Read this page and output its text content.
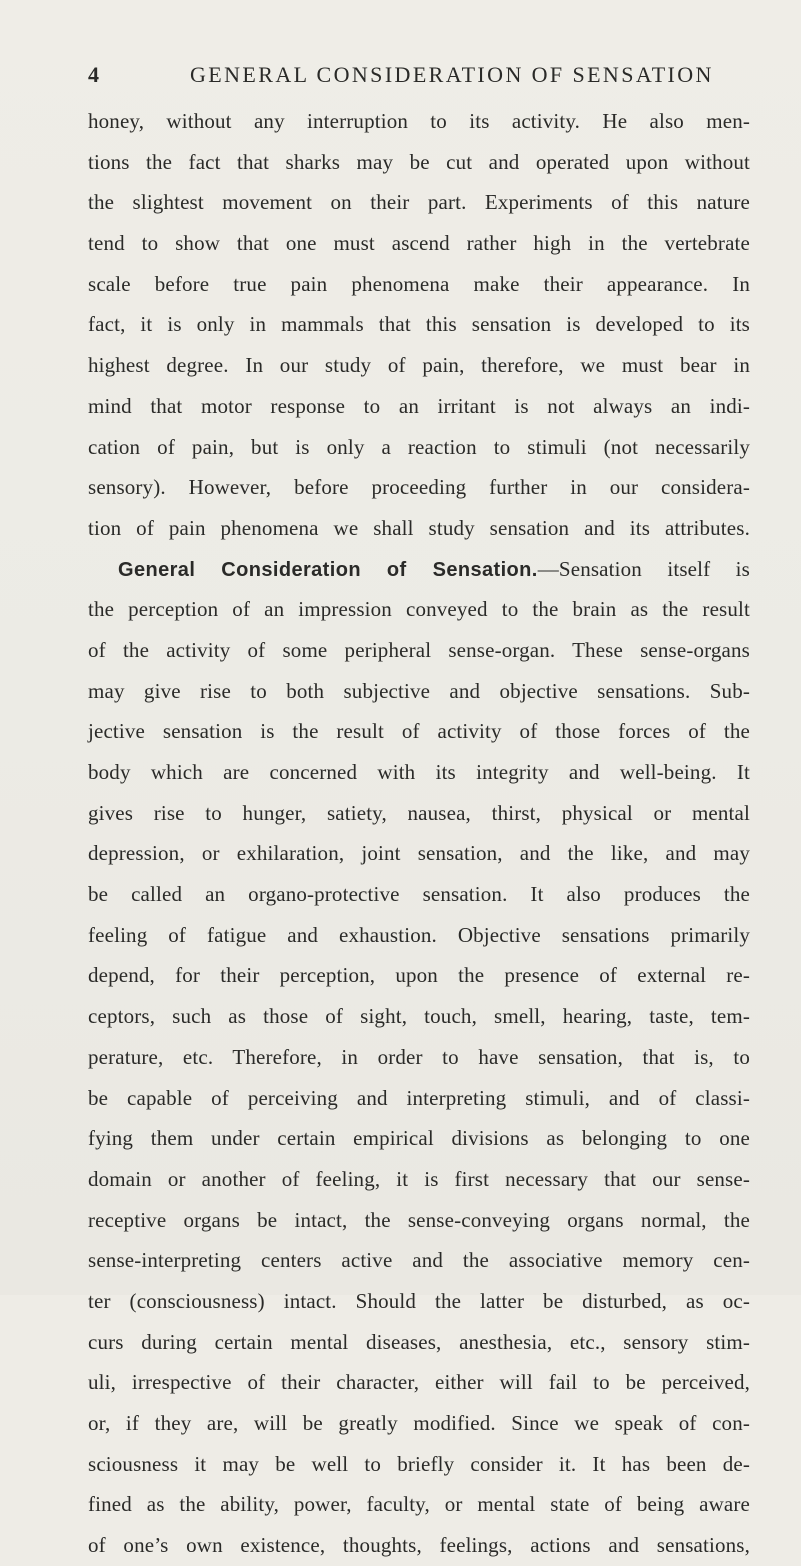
4	GENERAL CONSIDERATION OF SENSATION
honey, without any interruption to its activity. He also men-
tions the fact that sharks may be cut and operated upon without
the slightest movement on their part. Experiments of this nature
tend to show that one must ascend rather high in the vertebrate
scale before true pain phenomena make their appearance. In
fact, it is only in mammals that this sensation is developed to its
highest degree. In our study of pain, therefore, we must bear in
mind that motor response to an irritant is not always an indi-
cation of pain, but is only a reaction to stimuli (not necessarily
sensory). However, before proceeding further in our considera-
tion of pain phenomena we shall study sensation and its attributes.
General Consideration of Sensation.—Sensation itself is
the perception of an impression conveyed to the brain as the result
of the activity of some peripheral sense-organ. These sense-organs
may give rise to both subjective and objective sensations. Sub-
jective sensation is the result of activity of those forces of the
body which are concerned with its integrity and well-being. It
gives rise to hunger, satiety, nausea, thirst, physical or mental
depression, or exhilaration, joint sensation, and the like, and may
be called an organo-protective sensation. It also produces the
feeling of fatigue and exhaustion. Objective sensations primarily
depend, for their perception, upon the presence of external re-
ceptors, such as those of sight, touch, smell, hearing, taste, tem-
perature, etc. Therefore, in order to have sensation, that is, to
be capable of perceiving and interpreting stimuli, and of classi-
fying them under certain empirical divisions as belonging to one
domain or another of feeling, it is first necessary that our sense-
receptive organs be intact, the sense-conveying organs normal, the
sense-interpreting centers active and the associative memory cen-
ter (consciousness) intact. Should the latter be disturbed, as oc-
curs during certain mental diseases, anesthesia, etc., sensory stim-
uli, irrespective of their character, either will fail to be perceived,
or, if they are, will be greatly modified. Since we speak of con-
sciousness it may be well to briefly consider it. It has been de-
fined as the ability, power, faculty, or mental state of being aware
of one’s own existence, thoughts, feelings, actions and sensations,
